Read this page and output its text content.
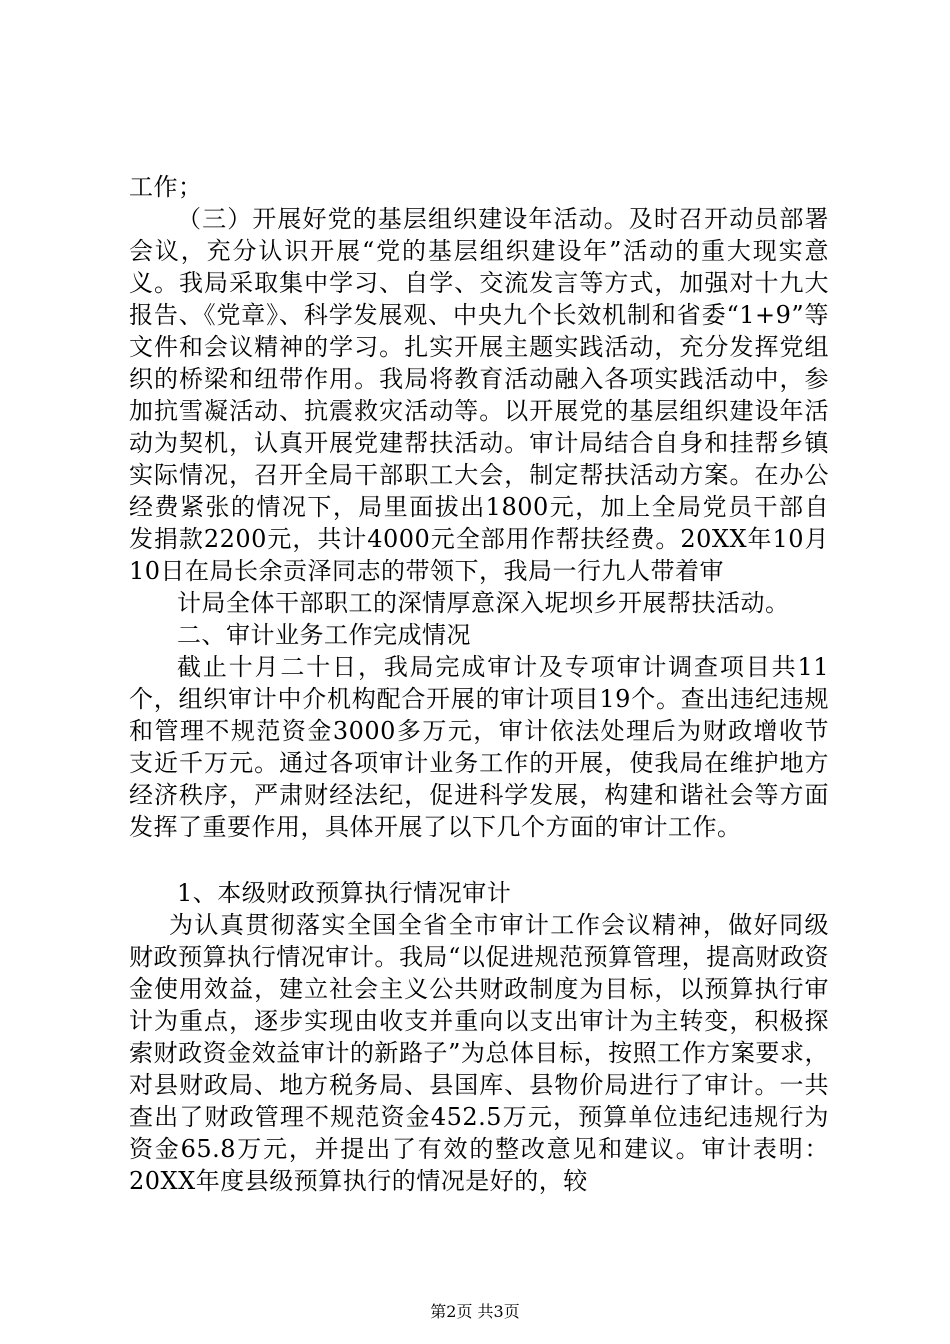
工作；

（三）开展好党的基层组织建设年活动。及时召开动员部署会议，充分认识开展“党的基层组织建设年”活动的重大现实意义。我局采取集中学习、自学、交流发言等方式，加强对十九大报告、《党章》、科学发展观、中央九个长效机制和省委“1+9”等文件和会议精神的学习。扎实开展主题实践活动，充分发挥党组织的桥梁和纽带作用。我局将教育活动融入各项实践活动中，参加抗雪凝活动、抗震救灾活动等。以开展党的基层组织建设年活动为契机，认真开展党建帮扶活动。审计局结合自身和挂帮乡镇实际情况，召开全局干部职工大会，制定帮扶活动方案。在办公经费紧张的情况下，局里面拔出1800元，加上全局党员干部自发捐款2200元，共计4000元全部用作帮扶经费。20XX年10月10日在局长余贡泽同志的带领下，我局一行九人带着审

计局全体干部职工的深情厚意深入坭坝乡开展帮扶活动。

二、审计业务工作完成情况

截止十月二十日，我局完成审计及专项审计调查项目共11个，组织审计中介机构配合开展的审计项目19个。查出违纪违规和管理不规范资金3000多万元，审计依法处理后为财政增收节支近千万元。通过各项审计业务工作的开展，使我局在维护地方经济秩序，严肃财经法纪，促进科学发展，构建和谐社会等方面发挥了重要作用，具体开展了以下几个方面的审计工作。

1、本级财政预算执行情况审计

为认真贯彻落实全国全省全市审计工作会议精神，做好同级财政预算执行情况审计。我局“以促进规范预算管理，提高财政资金使用效益，建立社会主义公共财政制度为目标，以预算执行审计为重点，逐步实现由收支并重向以支出审计为主转变，积极探索财政资金效益审计的新路子”为总体目标，按照工作方案要求，对县财政局、地方税务局、县国库、县物价局进行了审计。一共查出了财政管理不规范资金452.5万元，预算单位违纪违规行为资金65.8万元，并提出了有效的整改意见和建议。审计表明：20XX年度县级预算执行的情况是好的，较

第2页 共3页
